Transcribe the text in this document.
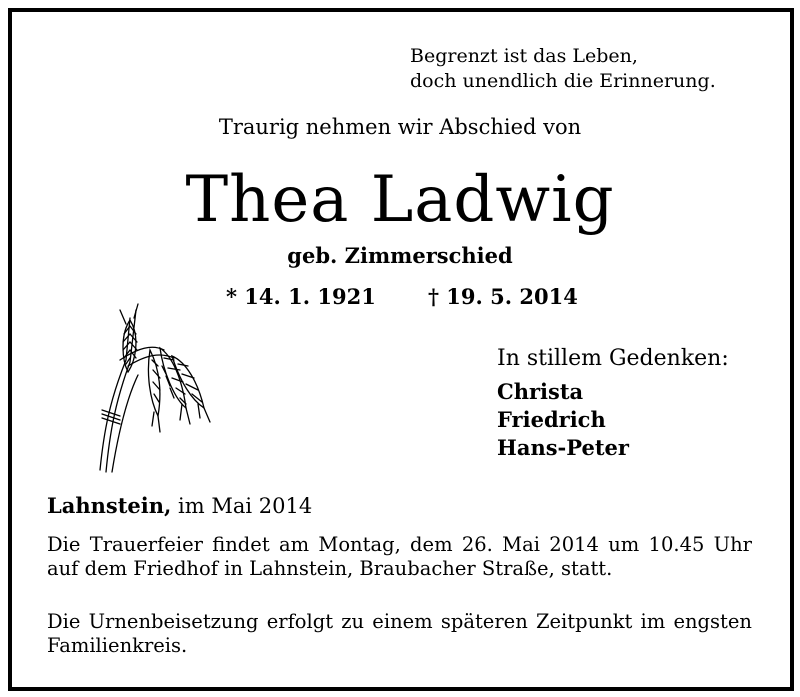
Begrenzt ist das Leben,
doch unendlich die Erinnerung.
Traurig nehmen wir Abschied von
Thea Ladwig
geb. Zimmerschied
* 14. 1. 1921 † 19. 5. 2014
In stillem Gedenken:
Christa
Friedrich
Hans-Peter
Lahnstein, im Mai 2014
Die Trauerfeier findet am Montag, dem 26. Mai 2014 um 10.45 Uhr auf dem Friedhof in Lahnstein, Braubacher Straße, statt.
Die Urnenbeisetzung erfolgt zu einem späteren Zeitpunkt im engsten Familienkreis.
